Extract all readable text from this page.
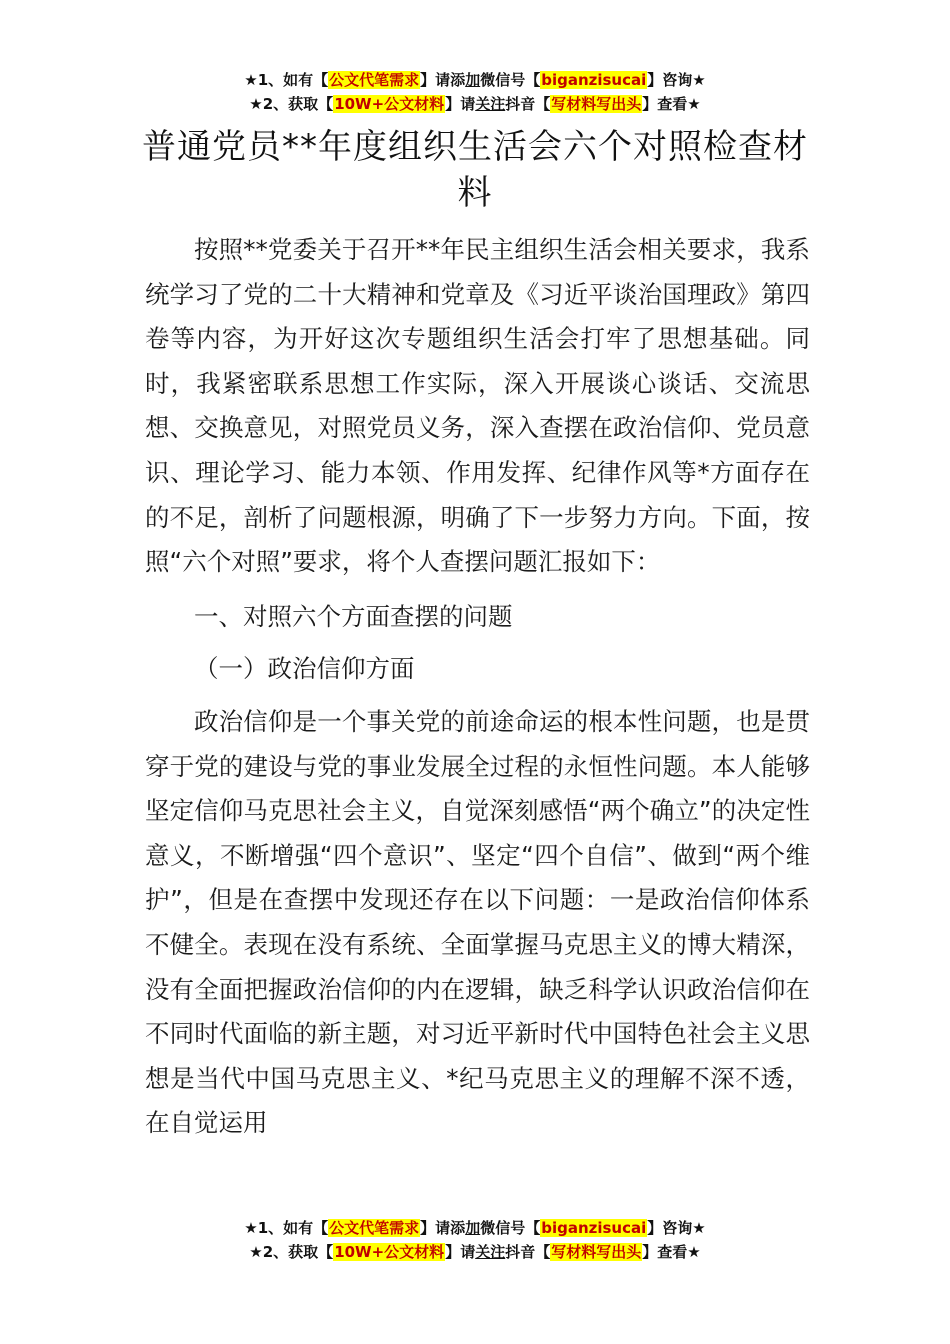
★1、如有【公文代笔需求】请添加微信号【biganzisucai】咨询★
★2、获取【10W+公文材料】请关注抖音【写材料写出头】查看★
普通党员**年度组织生活会六个对照检查材料

按照**党委关于召开**年民主组织生活会相关要求，我系统学习了党的二十大精神和党章及《习近平谈治国理政》第四卷等内容，为开好这次专题组织生活会打牢了思想基础。同时，我紧密联系思想工作实际，深入开展谈心谈话、交流思想、交换意见，对照党员义务，深入查摆在政治信仰、党员意识、理论学习、能力本领、作用发挥、纪律作风等*方面存在的不足，剖析了问题根源，明确了下一步努力方向。下面，按照“六个对照”要求，将个人查摆问题汇报如下：

一、对照六个方面查摆的问题

（一）政治信仰方面

政治信仰是一个事关党的前途命运的根本性问题，也是贯穿于党的建设与党的事业发展全过程的永恒性问题。本人能够坚定信仰马克思社会主义，自觉深刻感悟“两个确立”的决定性意义，不断增强“四个意识”、坚定“四个自信”、做到“两个维护”，但是在查摆中发现还存在以下问题：一是政治信仰体系不健全。表现在没有系统、全面掌握马克思主义的博大精深，没有全面把握政治信仰的内在逻辑，缺乏科学认识政治信仰在不同时代面临的新主题，对习近平新时代中国特色社会主义思想是当代中国马克思主义、*纪马克思主义的理解不深不透，在自觉运用

★1、如有【公文代笔需求】请添加微信号【biganzisucai】咨询★
★2、获取【10W+公文材料】请关注抖音【写材料写出头】查看★
